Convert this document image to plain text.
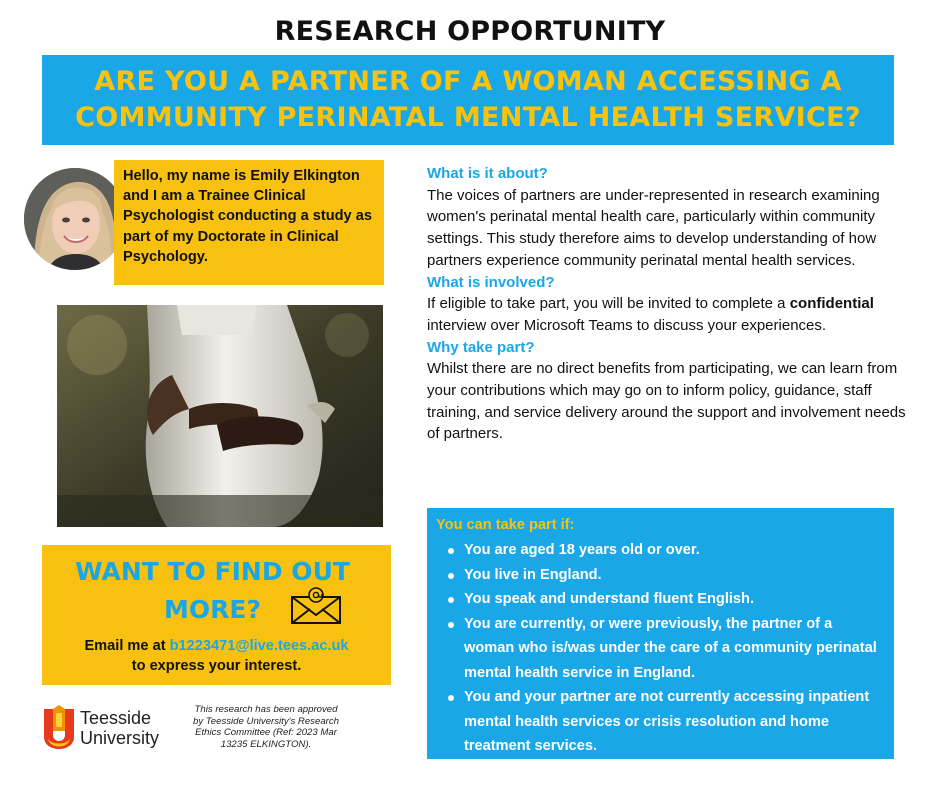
RESEARCH OPPORTUNITY
ARE YOU A PARTNER OF A WOMAN ACCESSING A
COMMUNITY PERINATAL MENTAL HEALTH SERVICE?
Hello, my name is Emily Elkington and I am a Trainee Clinical Psychologist conducting a study as part of my Doctorate in Clinical Psychology.
WANT TO FIND OUT
MORE?
Email me at b1223471@live.tees.ac.uk
to express your interest.
Teesside
University
This research has been approved by Teesside University's Research Ethics Committee (Ref: 2023 Mar 13235 ELKINGTON).
What is it about?
The voices of partners are under-represented in research examining women's perinatal mental health care, particularly within community settings. This study therefore aims to develop understanding of how partners experience community perinatal mental health services.
What is involved?
If eligible to take part, you will be invited to complete a confidential interview over Microsoft Teams to discuss your experiences.
Why take part?
Whilst there are no direct benefits from participating, we can learn from your contributions which may go on to inform policy, guidance, staff training, and service delivery around the support and involvement needs of partners.
You can take part if:
You are aged 18 years old or over.
You live in England.
You speak and understand fluent English.
You are currently, or were previously, the partner of a woman who is/was under the care of a community perinatal mental health service in England.
You and your partner are not currently accessing inpatient mental health services or crisis resolution and home treatment services.
